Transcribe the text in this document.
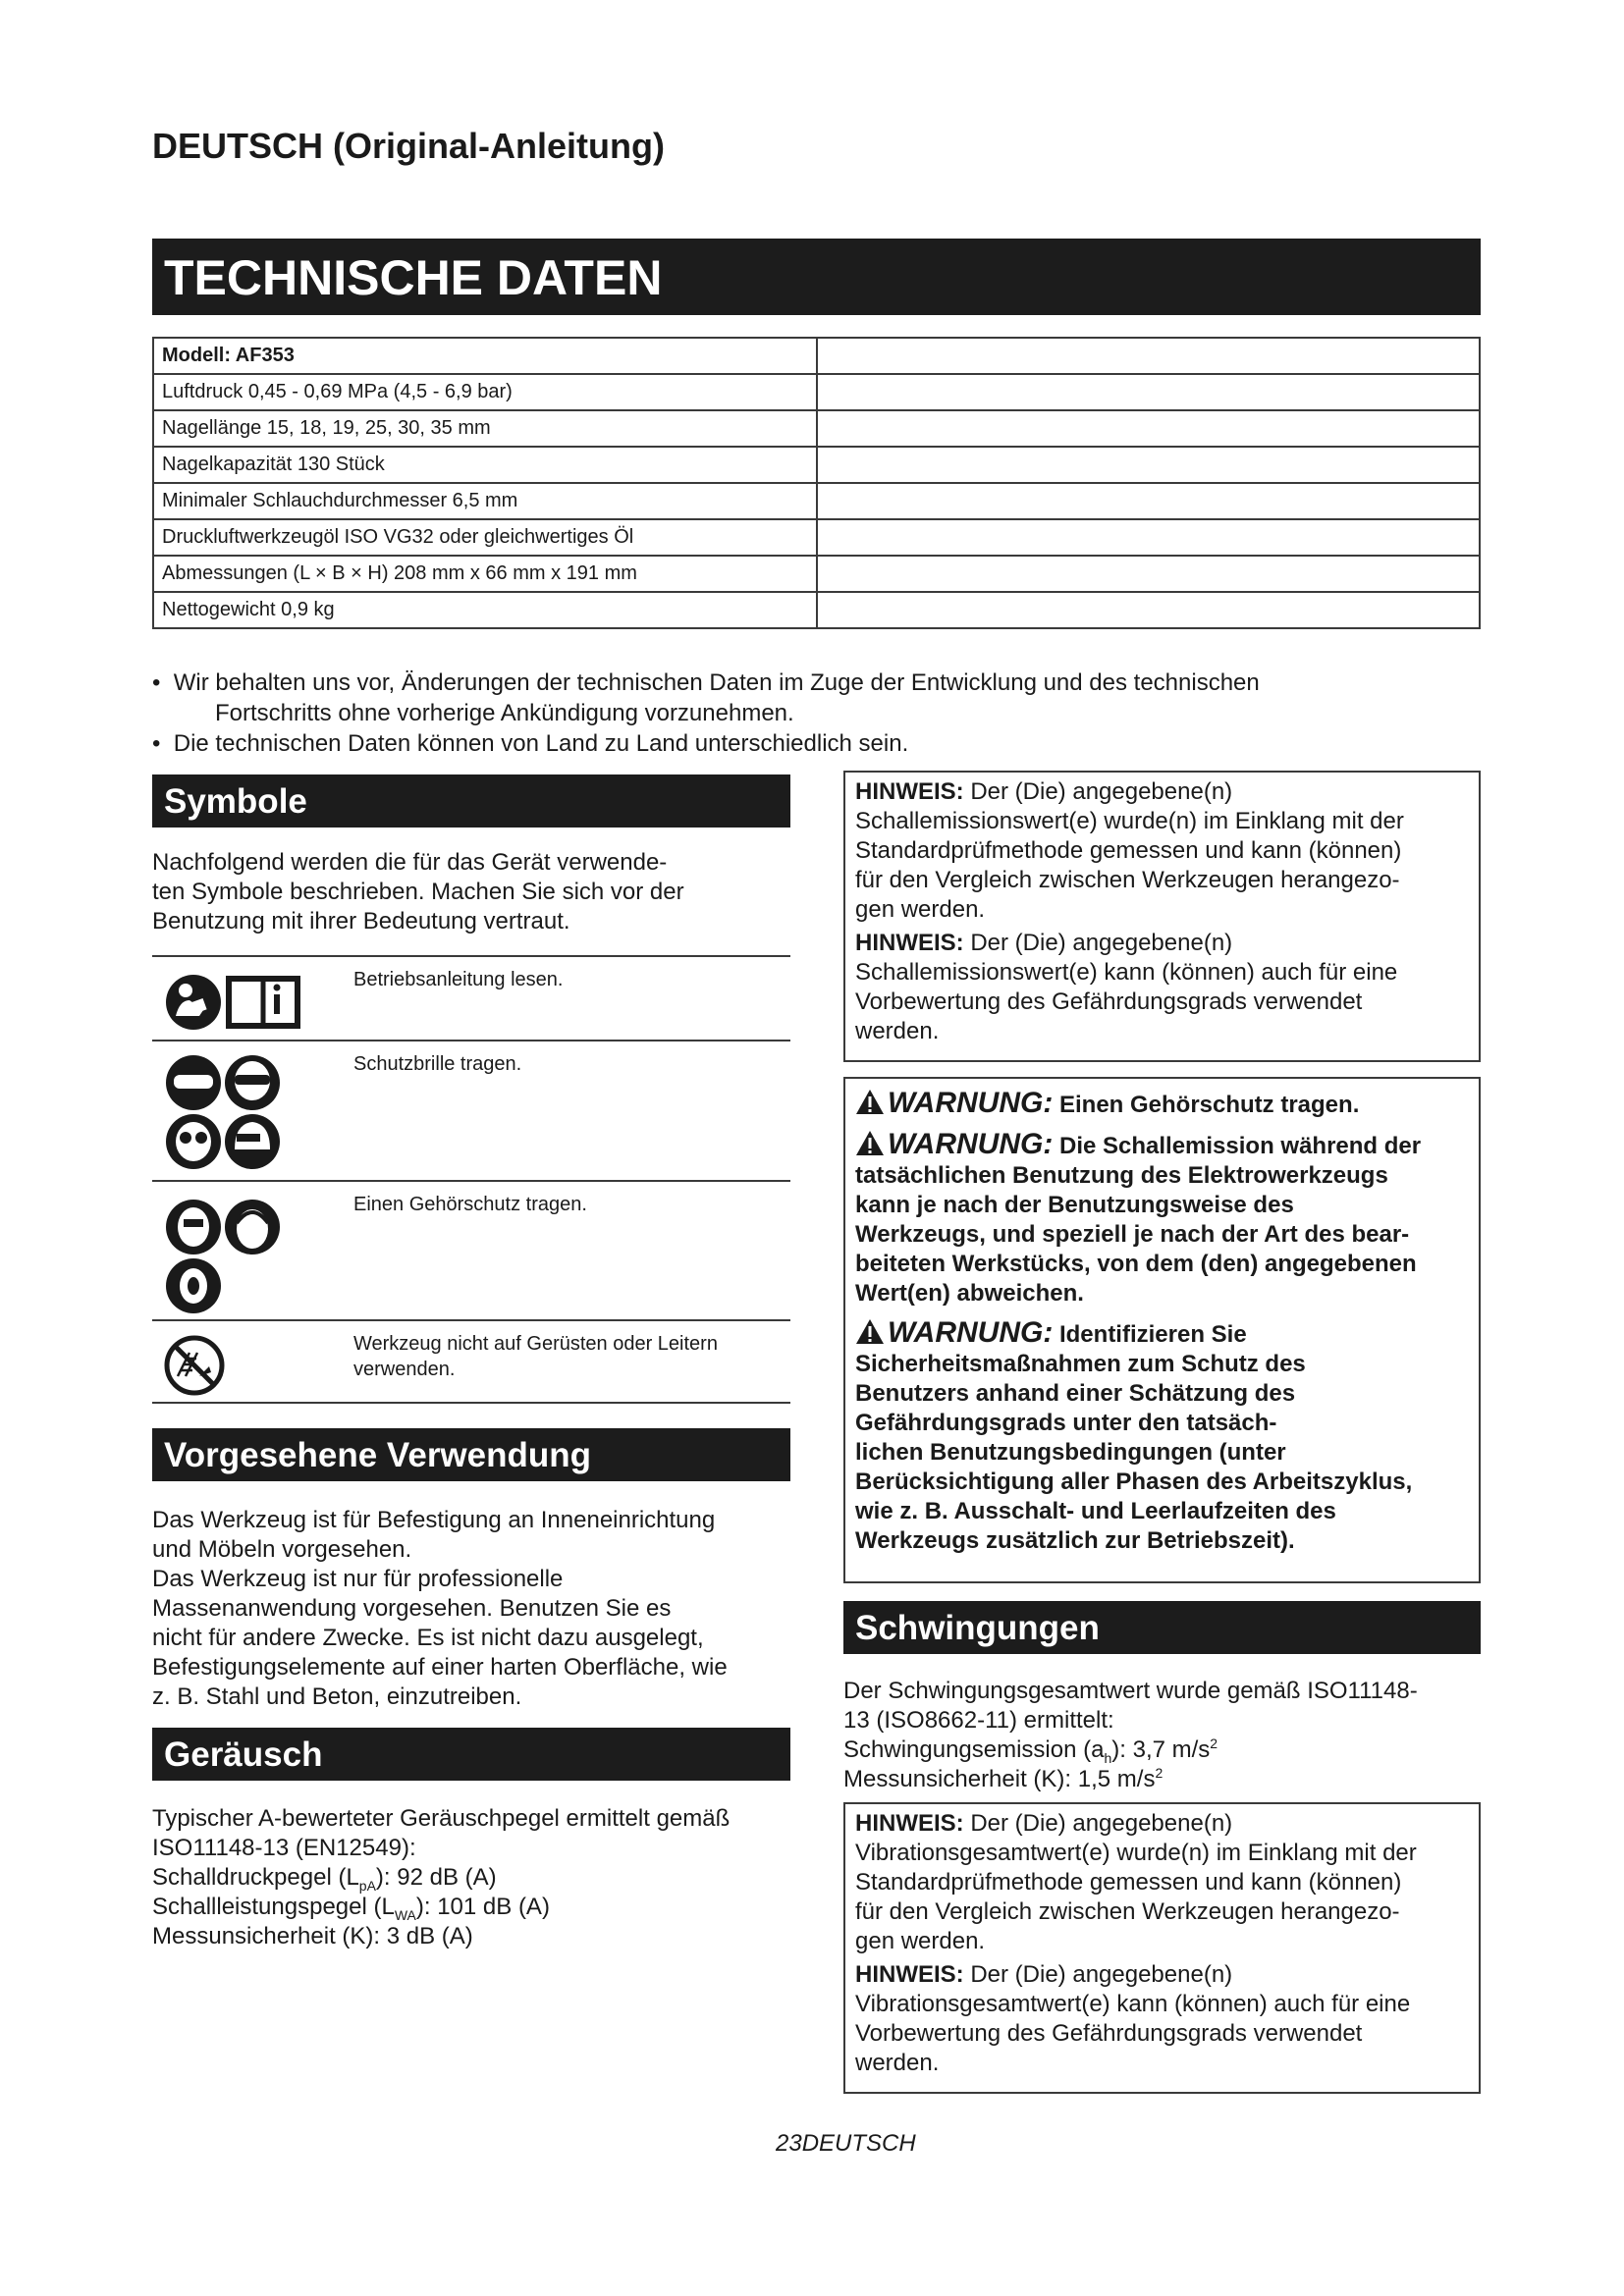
DEUTSCH (Original-Anleitung)
TECHNISCHE DATEN
Modell: AF353	
Luftdruck 0,45 - 0,69 MPa (4,5 - 6,9 bar)	
Nagellänge 15, 18, 19, 25, 30, 35 mm	
Nagelkapazität 130 Stück	
Minimaler Schlauchdurchmesser 6,5 mm	
Druckluftwerkzeugöl ISO VG32 oder gleichwertiges Öl	
Abmessungen (L × B × H) 208 mm x 66 mm x 191 mm	
Nettogewicht 0,9 kg	
• Wir behalten uns vor, Änderungen der technischen Daten im Zuge der Entwicklung und des technischen
Fortschritts ohne vorherige Ankündigung vorzunehmen.
• Die technischen Daten können von Land zu Land unterschiedlich sein.
Symbole
Nachfolgend werden die für das Gerät verwende-
ten Symbole beschrieben. Machen Sie sich vor der
Benutzung mit ihrer Bedeutung vertraut.
Betriebsanleitung lesen.
Schutzbrille tragen.
Einen Gehörschutz tragen.
Werkzeug nicht auf Gerüsten oder Leitern verwenden.
Vorgesehene Verwendung
Das Werkzeug ist für Befestigung an Inneneinrichtung
und Möbeln vorgesehen.
Das Werkzeug ist nur für professionelle
Massenanwendung vorgesehen. Benutzen Sie es
nicht für andere Zwecke. Es ist nicht dazu ausgelegt,
Befestigungselemente auf einer harten Oberfläche, wie
z. B. Stahl und Beton, einzutreiben.
Geräusch
Typischer A-bewerteter Geräuschpegel ermittelt gemäß
ISO11148-13 (EN12549):
Schalldruckpegel $(L_{pA})$: 92 dB (A)
Schallleistungspegel $(L_{WA})$: 101 dB (A)
Messunsicherheit (K): 3 dB (A)

HINWEIS: Der (Die) angegebene(n)
Schallemissionswert(e) wurde(n) im Einklang mit der
Standardprüfmethode gemessen und kann (können)
für den Vergleich zwischen Werkzeugen herangezo-
gen werden.

HINWEIS: Der (Die) angegebene(n)
Schallemissionswert(e) kann (können) auch für eine
Vorbewertung des Gefährdungsgrads verwendet
werden.

WARNUNG: Einen Gehörschutz tragen.

WARNUNG: Die Schallemission während der
tatsächlichen Benutzung des Elektrowerkzeugs
kann je nach der Benutzungsweise des
Werkzeugs, und speziell je nach der Art des bear-
beiteten Werkstücks, von dem (den) angegebenen
Wert(en) abweichen.

WARNUNG: Identifizieren Sie
Sicherheitsmaßnahmen zum Schutz des
Benutzers anhand einer Schätzung des
Gefährdungsgrads unter den tatsäch-
lichen Benutzungsbedingungen (unter
Berücksichtigung aller Phasen des Arbeitszyklus,
wie z. B. Ausschalt- und Leerlaufzeiten des
Werkzeugs zusätzlich zur Betriebszeit).

Schwingungen
Der Schwingungsgesamtwert wurde gemäß ISO11148-
13 (ISO8662-11) ermittelt:
Schwingungsemission $(a_h)$: 3,7 $m/s^2$
Messunsicherheit (K): 1,5 $m/s^2$

HINWEIS: Der (Die) angegebene(n)
Vibrationsgesamtwert(e) wurde(n) im Einklang mit der
Standardprüfmethode gemessen und kann (können)
für den Vergleich zwischen Werkzeugen herangezo-
gen werden.

HINWEIS: Der (Die) angegebene(n)
Vibrationsgesamtwert(e) kann (können) auch für eine
Vorbewertung des Gefährdungsgrads verwendet
werden.

23DEUTSCH
